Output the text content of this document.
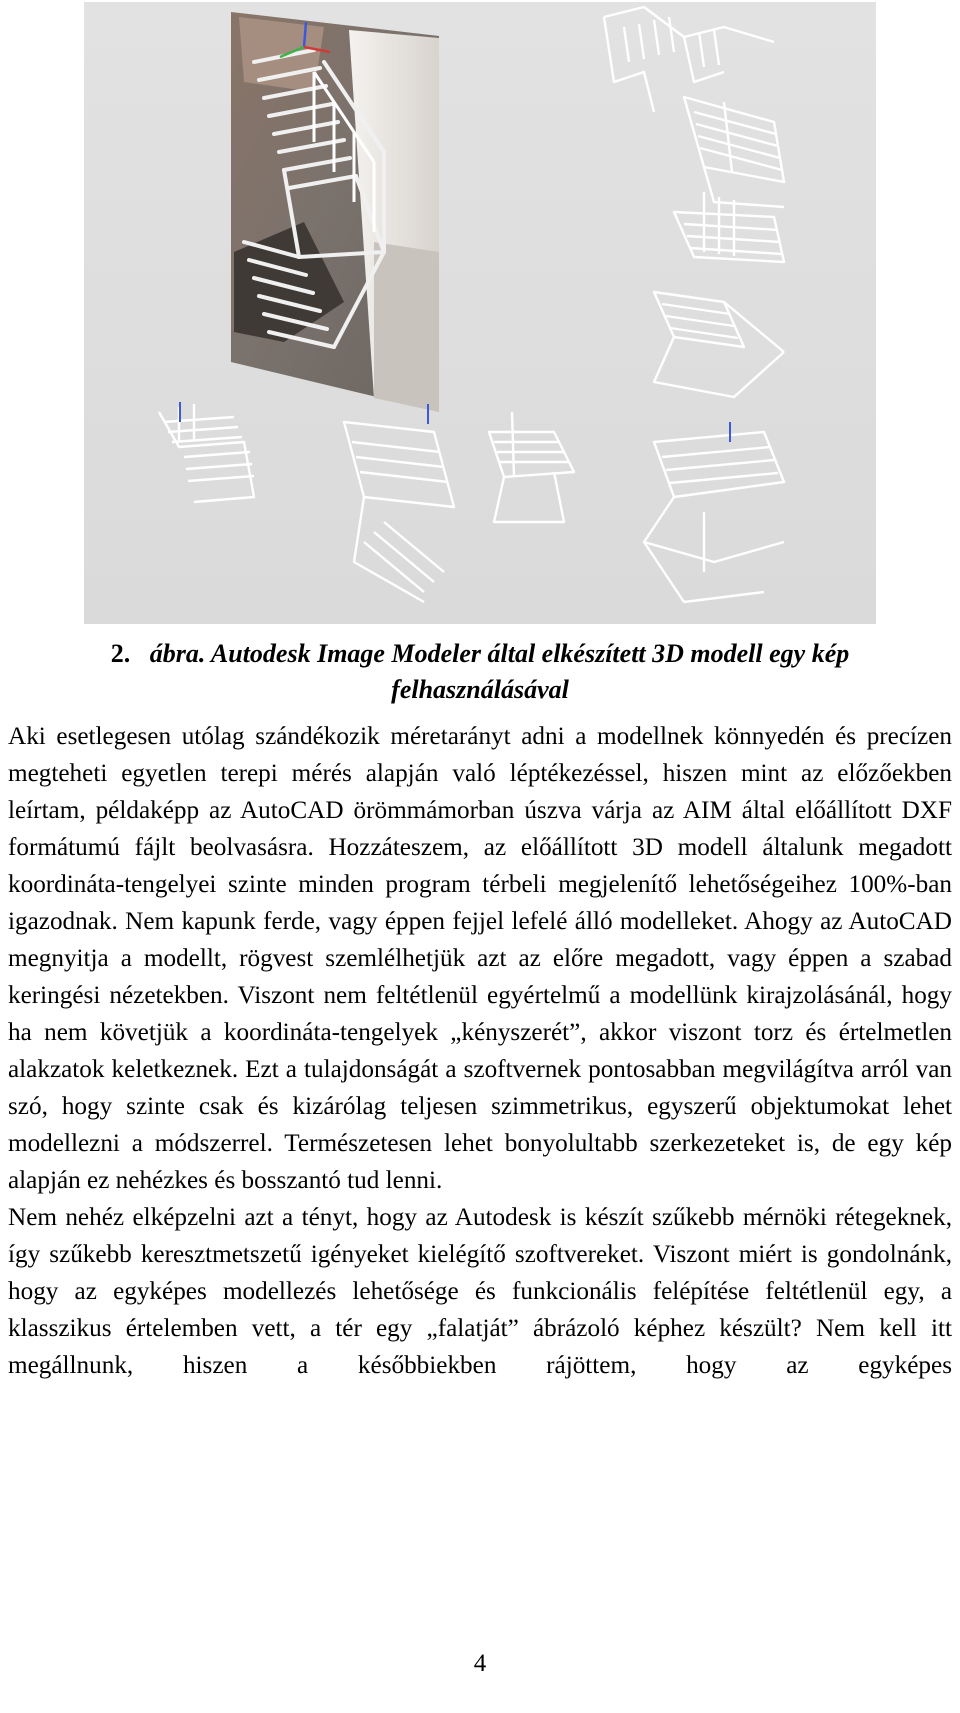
2. ábra. Autodesk Image Modeler által elkészített 3D modell egy kép felhasználásával

Aki esetlegesen utólag szándékozik méretarányt adni a modellnek könnyedén és precízen megteheti egyetlen terepi mérés alapján való léptékezéssel, hiszen mint az előzőekben leírtam, példaképp az AutoCAD örömmámorban úszva várja az AIM által előállított DXF formátumú fájlt beolvasásra. Hozzáteszem, az előállított 3D modell általunk megadott koordináta-tengelyei szinte minden program térbeli megjelenítő lehetőségeihez 100%-ban igazodnak. Nem kapunk ferde, vagy éppen fejjel lefelé álló modelleket. Ahogy az AutoCAD megnyitja a modellt, rögvest szemlélhetjük azt az előre megadott, vagy éppen a szabad keringési nézetekben. Viszont nem feltétlenül egyértelmű a modellünk kirajzolásánál, hogy ha nem követjük a koordináta-tengelyek „kényszerét”, akkor viszont torz és értelmetlen alakzatok keletkeznek. Ezt a tulajdonságát a szoftvernek pontosabban megvilágítva arról van szó, hogy szinte csak és kizárólag teljesen szimmetrikus, egyszerű objektumokat lehet modellezni a módszerrel. Természetesen lehet bonyolultabb szerkezeteket is, de egy kép alapján ez nehézkes és bosszantó tud lenni.

Nem nehéz elképzelni azt a tényt, hogy az Autodesk is készít szűkebb mérnöki rétegeknek, így szűkebb keresztmetszetű igényeket kielégítő szoftvereket. Viszont miért is gondolnánk, hogy az egyképes modellezés lehetősége és funkcionális felépítése feltétlenül egy, a klasszikus értelemben vett, a tér egy „falatját” ábrázoló képhez készült? Nem kell itt megállnunk, hiszen a későbbiekben rájöttem, hogy az egyképes

4
